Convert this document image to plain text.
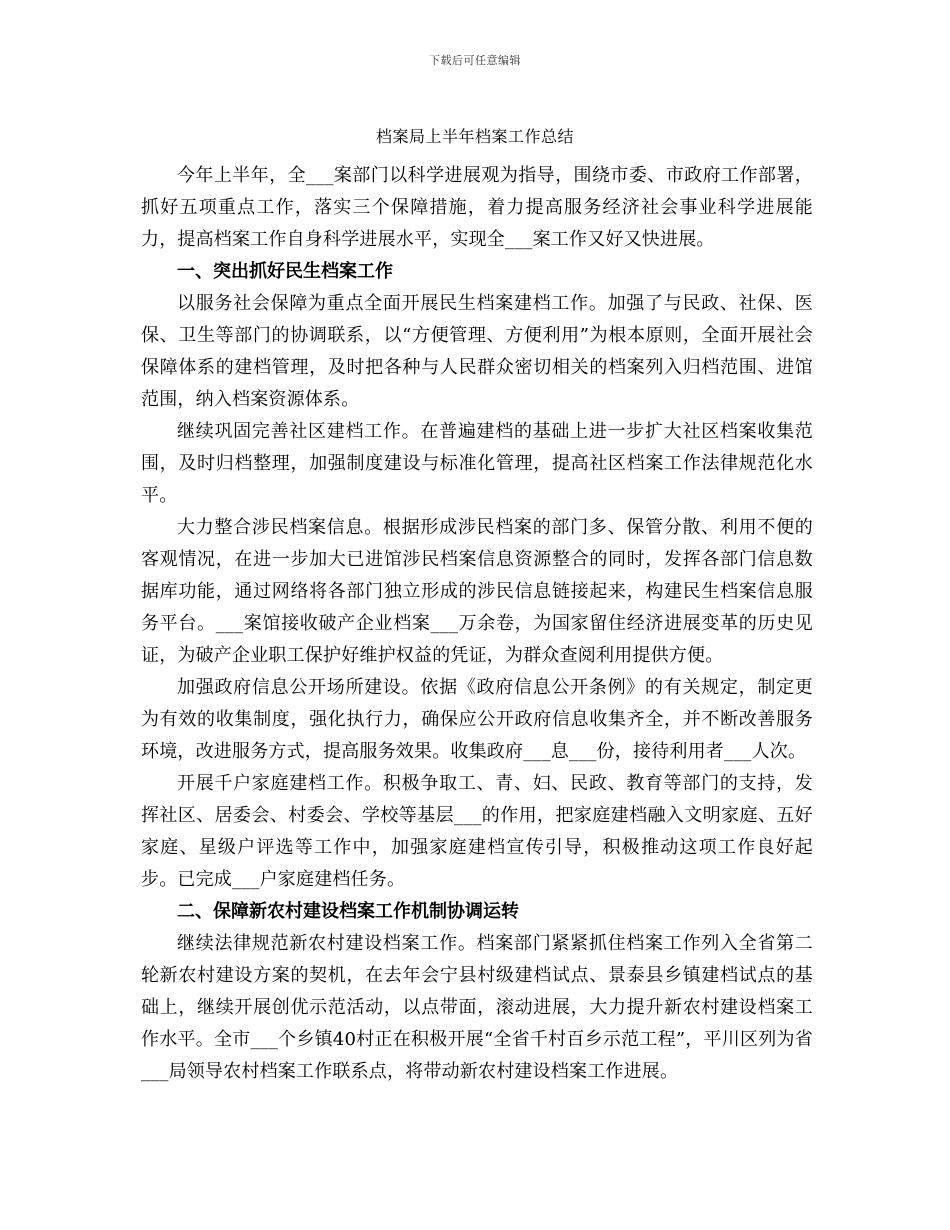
下载后可任意编辑
档案局上半年档案工作总结

今年上半年，全___案部门以科学进展观为指导，围绕市委、市政府工作部署，抓好五项重点工作，落实三个保障措施，着力提高服务经济社会事业科学进展能力，提高档案工作自身科学进展水平，实现全___案工作又好又快进展。

一、突出抓好民生档案工作

以服务社会保障为重点全面开展民生档案建档工作。加强了与民政、社保、医保、卫生等部门的协调联系，以“方便管理、方便利用”为根本原则，全面开展社会保障体系的建档管理，及时把各种与人民群众密切相关的档案列入归档范围、进馆范围，纳入档案资源体系。

继续巩固完善社区建档工作。在普遍建档的基础上进一步扩大社区档案收集范围，及时归档整理，加强制度建设与标准化管理，提高社区档案工作法律规范化水平。

大力整合涉民档案信息。根据形成涉民档案的部门多、保管分散、利用不便的客观情况，在进一步加大已进馆涉民档案信息资源整合的同时，发挥各部门信息数据库功能，通过网络将各部门独立形成的涉民信息链接起来，构建民生档案信息服务平台。___案馆接收破产企业档案___万余卷，为国家留住经济进展变革的历史见证，为破产企业职工保护好维护权益的凭证，为群众查阅利用提供方便。

加强政府信息公开场所建设。依据《政府信息公开条例》的有关规定，制定更为有效的收集制度，强化执行力，确保应公开政府信息收集齐全，并不断改善服务环境，改进服务方式，提高服务效果。收集政府___息___份，接待利用者___人次。

开展千户家庭建档工作。积极争取工、青、妇、民政、教育等部门的支持，发挥社区、居委会、村委会、学校等基层___的作用，把家庭建档融入文明家庭、五好家庭、星级户评选等工作中，加强家庭建档宣传引导，积极推动这项工作良好起步。已完成___户家庭建档任务。

二、保障新农村建设档案工作机制协调运转

继续法律规范新农村建设档案工作。档案部门紧紧抓住档案工作列入全省第二轮新农村建设方案的契机，在去年会宁县村级建档试点、景泰县乡镇建档试点的基础上，继续开展创优示范活动，以点带面，滚动进展，大力提升新农村建设档案工作水平。全市___个乡镇40村正在积极开展“全省千村百乡示范工程”，平川区列为省___局领导农村档案工作联系点，将带动新农村建设档案工作进展。
